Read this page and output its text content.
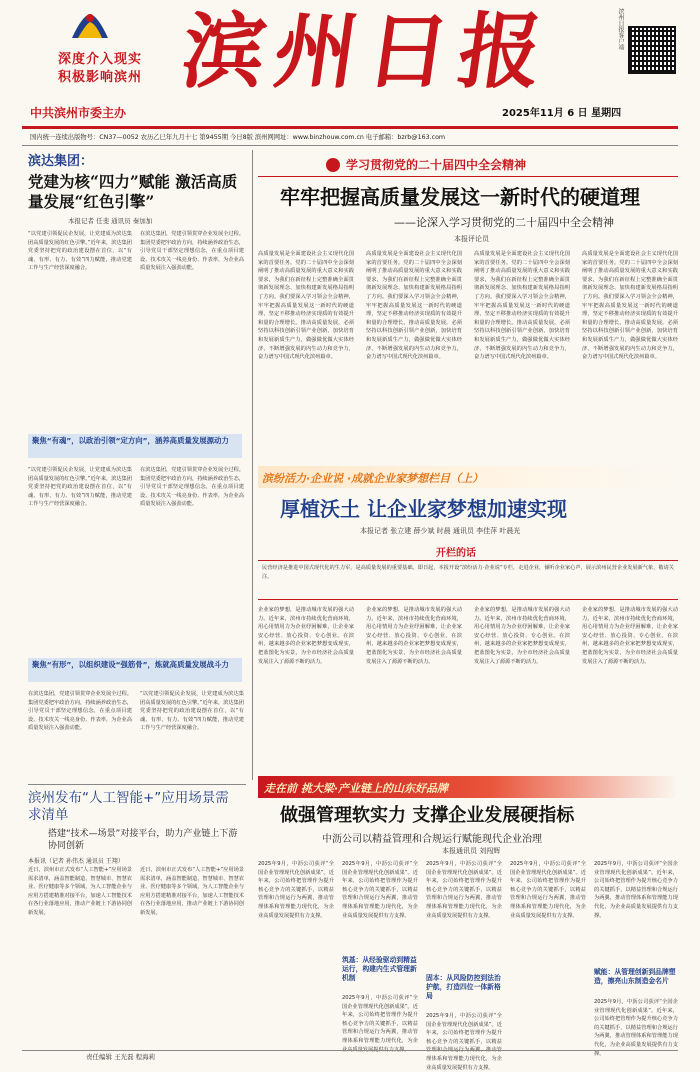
深度介入现实
积极影响滨州 滨州日报	滨州日报客户端
中共滨州市委主办	2025年11月 6 日 星期四
国内统一连续出版物号：CN37—0052 农历乙巳年九月十七 第9455期 今日8版 滨州网网址：www.binzhouw.com.cn 电子邮箱：bzrb@163.com
滨达集团：
党建为核“四力”赋能 激活高质量发展“红色引擎”
本报记者 任斐 通讯员 秦加加
“以党建引领促民企发展，让党建成为滨达集团高质量发展的红色引擎。”近年来，滨达集团党委坚持把党的政治建设摆在首位，以“有魂、有形、有力、有效”四力赋能，推动党建工作与生产经营深度融合。
在滨达集团，党建引领贯穿企业发展全过程。集团党委把牢政治方向，持续涵养政治生态，引导党员干部坚定理想信念，在重点项目建设、技术攻关一线亮身份、作表率，为企业高质量发展注入强劲动能。
聚焦“有魂”，以政治引领“定方向”，涵养高质量发展源动力
“以党建引领促民企发展，让党建成为滨达集团高质量发展的红色引擎。”近年来，滨达集团党委坚持把党的政治建设摆在首位，以“有魂、有形、有力、有效”四力赋能，推动党建工作与生产经营深度融合。
在滨达集团，党建引领贯穿企业发展全过程。集团党委把牢政治方向，持续涵养政治生态，引导党员干部坚定理想信念，在重点项目建设、技术攻关一线亮身份、作表率，为企业高质量发展注入强劲动能。
聚焦“有形”，以组织建设“强筋骨”，炼就高质量发展战斗力
在滨达集团，党建引领贯穿企业发展全过程。集团党委把牢政治方向，持续涵养政治生态，引导党员干部坚定理想信念，在重点项目建设、技术攻关一线亮身份、作表率，为企业高质量发展注入强劲动能。
“以党建引领促民企发展，让党建成为滨达集团高质量发展的红色引擎。”近年来，滨达集团党委坚持把党的政治建设摆在首位，以“有魂、有形、有力、有效”四力赋能，推动党建工作与生产经营深度融合。
学习贯彻党的二十届四中全会精神
牢牢把握高质量发展这一新时代的硬道理
——论深入学习贯彻党的二十届四中全会精神
本报评论员
高质量发展是全面建设社会主义现代化国家的首要任务。党的二十届四中全会深刻阐明了推动高质量发展的重大意义和实践要求，为我们在新征程上完整准确全面贯彻新发展理念、加快构建新发展格局指明了方向。我们要深入学习领会全会精神，牢牢把握高质量发展这一新时代的硬道理，坚定不移推动经济实现质的有效提升和量的合理增长。推动高质量发展，必须坚持以科技创新引领产业创新，加快培育和发展新质生产力，做强做优做大实体经济，不断增强发展的内生动力和竞争力，奋力谱写中国式现代化滨州篇章。
高质量发展是全面建设社会主义现代化国家的首要任务。党的二十届四中全会深刻阐明了推动高质量发展的重大意义和实践要求，为我们在新征程上完整准确全面贯彻新发展理念、加快构建新发展格局指明了方向。我们要深入学习领会全会精神，牢牢把握高质量发展这一新时代的硬道理，坚定不移推动经济实现质的有效提升和量的合理增长。推动高质量发展，必须坚持以科技创新引领产业创新，加快培育和发展新质生产力，做强做优做大实体经济，不断增强发展的内生动力和竞争力，奋力谱写中国式现代化滨州篇章。
高质量发展是全面建设社会主义现代化国家的首要任务。党的二十届四中全会深刻阐明了推动高质量发展的重大意义和实践要求，为我们在新征程上完整准确全面贯彻新发展理念、加快构建新发展格局指明了方向。我们要深入学习领会全会精神，牢牢把握高质量发展这一新时代的硬道理，坚定不移推动经济实现质的有效提升和量的合理增长。推动高质量发展，必须坚持以科技创新引领产业创新，加快培育和发展新质生产力，做强做优做大实体经济，不断增强发展的内生动力和竞争力，奋力谱写中国式现代化滨州篇章。
高质量发展是全面建设社会主义现代化国家的首要任务。党的二十届四中全会深刻阐明了推动高质量发展的重大意义和实践要求，为我们在新征程上完整准确全面贯彻新发展理念、加快构建新发展格局指明了方向。我们要深入学习领会全会精神，牢牢把握高质量发展这一新时代的硬道理，坚定不移推动经济实现质的有效提升和量的合理增长。推动高质量发展，必须坚持以科技创新引领产业创新，加快培育和发展新质生产力，做强做优做大实体经济，不断增强发展的内生动力和竞争力，奋力谱写中国式现代化滨州篇章。
滨纷活力·企业说 ·成就企业家梦想栏目（上）
厚植沃土 让企业家梦想加速实现
本报记者 张立建 薛少斌 时晨 通讯员 李佳萍 叶晨光
开栏的话
民营经济是推进中国式现代化的生力军，是高质量发展的重要基础。即日起，本报开设“滨纷活力·企业说”专栏，走进企业，倾听企业家心声，展示滨州民营企业发展新气象，敬请关注。
企业家的梦想，是推动城市发展的强大动力。近年来，滨州市持续优化营商环境，用心用情用力为企业纾困解难，让企业家安心经营、放心投资、专心创业。在滨州，越来越多的企业家把梦想变成现实，把蓝图化为实景，为全市经济社会高质量发展注入了源源不断的活力。
企业家的梦想，是推动城市发展的强大动力。近年来，滨州市持续优化营商环境，用心用情用力为企业纾困解难，让企业家安心经营、放心投资、专心创业。在滨州，越来越多的企业家把梦想变成现实，把蓝图化为实景，为全市经济社会高质量发展注入了源源不断的活力。
企业家的梦想，是推动城市发展的强大动力。近年来，滨州市持续优化营商环境，用心用情用力为企业纾困解难，让企业家安心经营、放心投资、专心创业。在滨州，越来越多的企业家把梦想变成现实，把蓝图化为实景，为全市经济社会高质量发展注入了源源不断的活力。
企业家的梦想，是推动城市发展的强大动力。近年来，滨州市持续优化营商环境，用心用情用力为企业纾困解难，让企业家安心经营、放心投资、专心创业。在滨州，越来越多的企业家把梦想变成现实，把蓝图化为实景，为全市经济社会高质量发展注入了源源不断的活力。
滨州发布“人工智能+”应用场景需求清单
搭建“技术—场景”对接平台，助力产业链上下游协同创新
本报讯（记者 孙伟杰 通讯员 王翔）
近日，滨州市正式发布“人工智能+”应用场景需求清单，涵盖智能制造、智慧城市、智慧农业、医疗健康等多个领域，为人工智能企业与应用方搭建精准对接平台，加速人工智能技术在各行业落地应用，推动产业链上下游协同创新发展。
近日，滨州市正式发布“人工智能+”应用场景需求清单，涵盖智能制造、智慧城市、智慧农业、医疗健康等多个领域，为人工智能企业与应用方搭建精准对接平台，加速人工智能技术在各行业落地应用，推动产业链上下游协同创新发展。
走在前 挑大梁·产业链上的山东好品牌
做强管理软实力 支撑企业发展硬指标
中沥公司以精益管理和合规运行赋能现代企业治理
本报通讯员 刘闯辉
2025年9月，中沥公司获评“全国企业管理现代化创新成果”。近年来，公司始终把管理作为提升核心竞争力的关键抓手，以精益管理和合规运行为两翼，推动管理体系和管理能力现代化，为企业高质量发展提供有力支撑。
2025年9月，中沥公司获评“全国企业管理现代化创新成果”。近年来，公司始终把管理作为提升核心竞争力的关键抓手，以精益管理和合规运行为两翼，推动管理体系和管理能力现代化，为企业高质量发展提供有力支撑。
筑基：从经验驱动到精益运行，构建内生式管理新机制
2025年9月，中沥公司获评“全国企业管理现代化创新成果”。近年来，公司始终把管理作为提升核心竞争力的关键抓手，以精益管理和合规运行为两翼，推动管理体系和管理能力现代化，为企
2025年9月，中沥公司获评“全国企业管理现代化创新成果”。近年来，公司始终把管理作为提升核心竞争力的关键抓手，以精益管理和合规运行为两翼，推动管理体系和管理能力现代化，为企业高质量发展提供有力支撑。
固本：从风险防控到法治护航，打造四位一体新格局
2025年9月，中沥公司获评“全国企业管理现代化创新成果”。近年来，公司始终把管理作为提升核心竞争力的关键抓手，以精益 理体系和管理能力现代化，为企业高质量发展提供有力支撑。
2025年9月，中沥公司获评“全国企业管理现代化创新成果”。近年来，公司始终把管理作为提升核心竞争力的关键抓手，以精益管理和合规运行为两翼，推动管理体系和管理能力现代化，为企业高质量发展提供有力支撑。
2025年9月，中沥公司获评“全国企业管理现代化创新成果”。近年来，公司始终把管理作为提升核心竞争力的关键抓手，以精益管理和合规运行为两翼，推动管理体系和管理能力现代化，为企业高质量发展提供有力支撑。
赋能：从管理创新到品牌塑造，擦亮山东制造金名片
2025年9月，中沥公司获评“全国企业管理现代化创新成果”。近年来，公司始终把管理作为提升核心竞争力的关键抓手，以精益管理和合规运行为两翼，推动管理体系和管理能力现代化，为企业高质量发展提供有力支撑。
责任编辑 王光磊 程海莉
